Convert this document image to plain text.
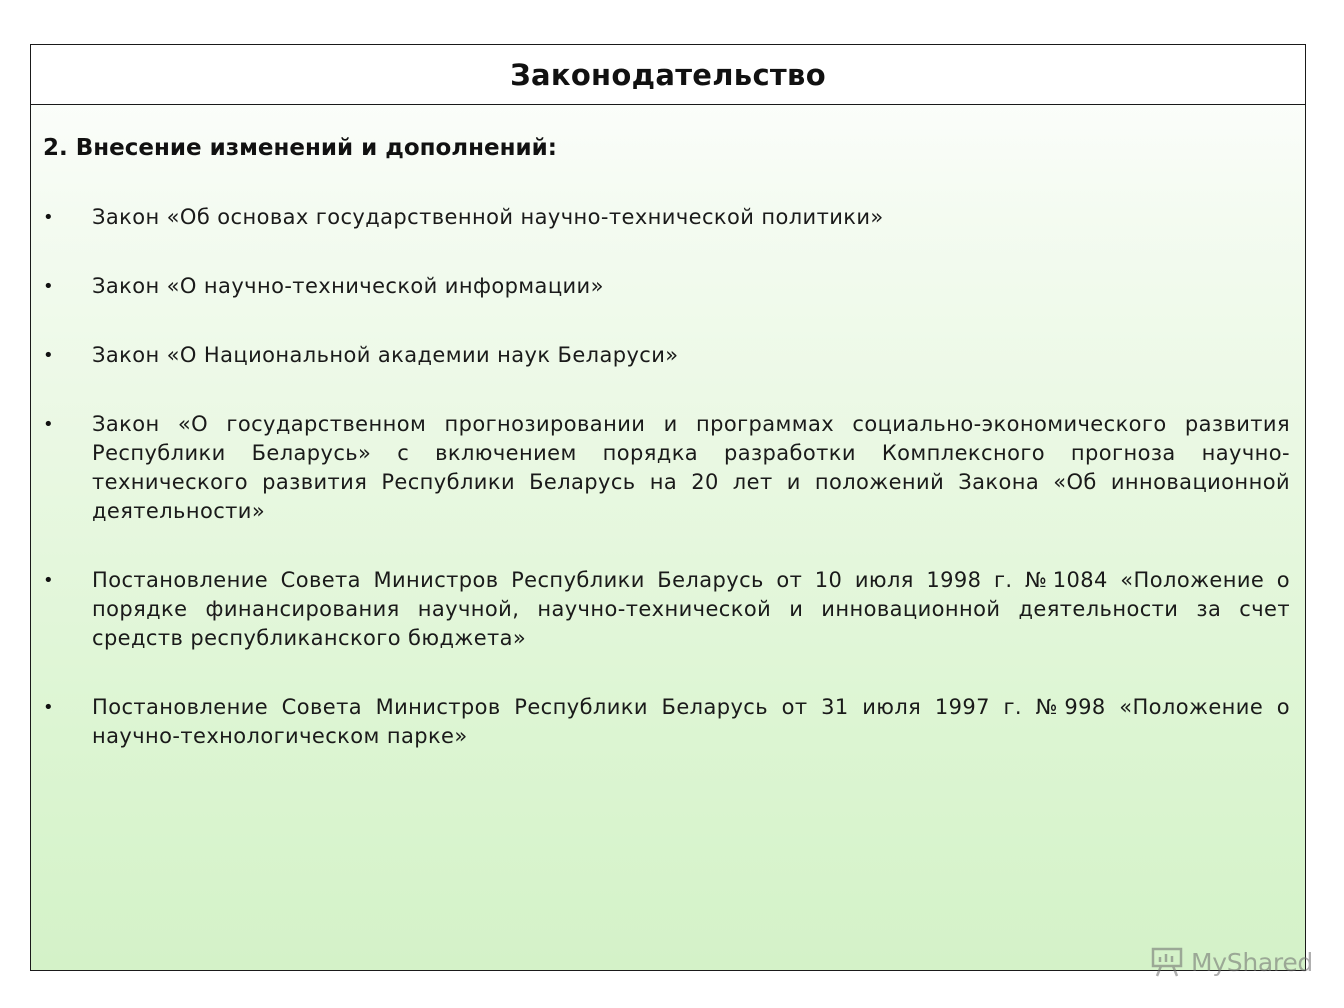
Законодательство
2. Внесение изменений и дополнений:
• Закон «Об основах государственной научно-технической политики»
• Закон «О научно-технической информации»
• Закон «О Национальной академии наук Беларуси»
• Закон «О государственном прогнозировании и программах социально-экономического развития Республики Беларусь» с включением порядка разработки Комплексного прогноза научно-технического развития Республики Беларусь на 20 лет и положений Закона «Об инновационной деятельности»
• Постановление Совета Министров Республики Беларусь от 10 июля 1998 г. №1084 «Положение о порядке финансирования научной, научно-технической и инновационной деятельности за счет средств республиканского бюджета»
• Постановление Совета Министров Республики Беларусь от 31 июля 1997 г. №998 «Положение о научно-технологическом парке»
MyShared
